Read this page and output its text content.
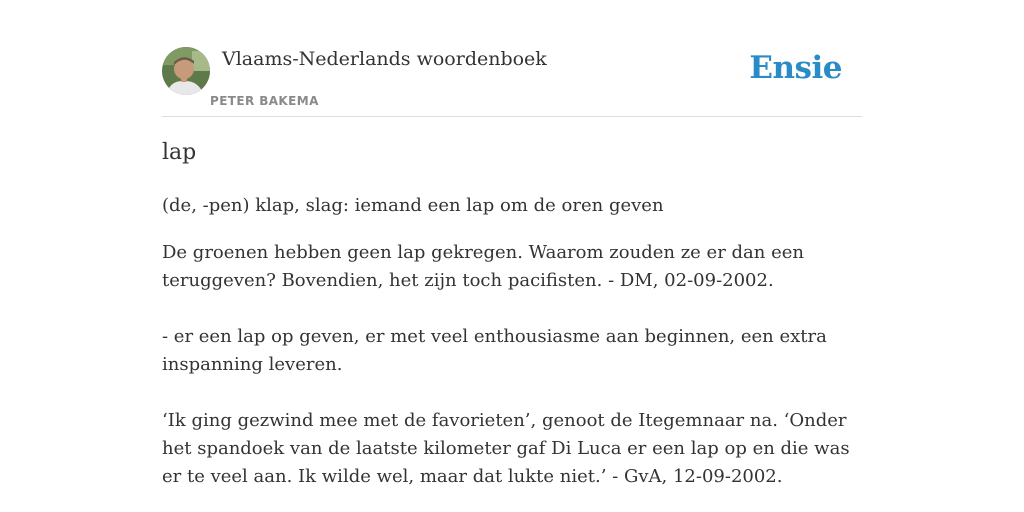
Vlaams-Nederlands woordenboek
PETER BAKEMA
Ensie
lap

(de, -pen) klap, slag: iemand een lap om de oren geven

De groenen hebben geen lap gekregen. Waarom zouden ze er dan een teruggeven? Bovendien, het zijn toch pacifisten. - DM, 02-09-2002.

- er een lap op geven, er met veel enthousiasme aan beginnen, een extra inspanning leveren.

‘Ik ging gezwind mee met de favorieten’, genoot de Itegemnaar na. ‘Onder het spandoek van de laatste kilometer gaf Di Luca er een lap op en die was er te veel aan. Ik wilde wel, maar dat lukte niet.’ - GvA, 12-09-2002.
